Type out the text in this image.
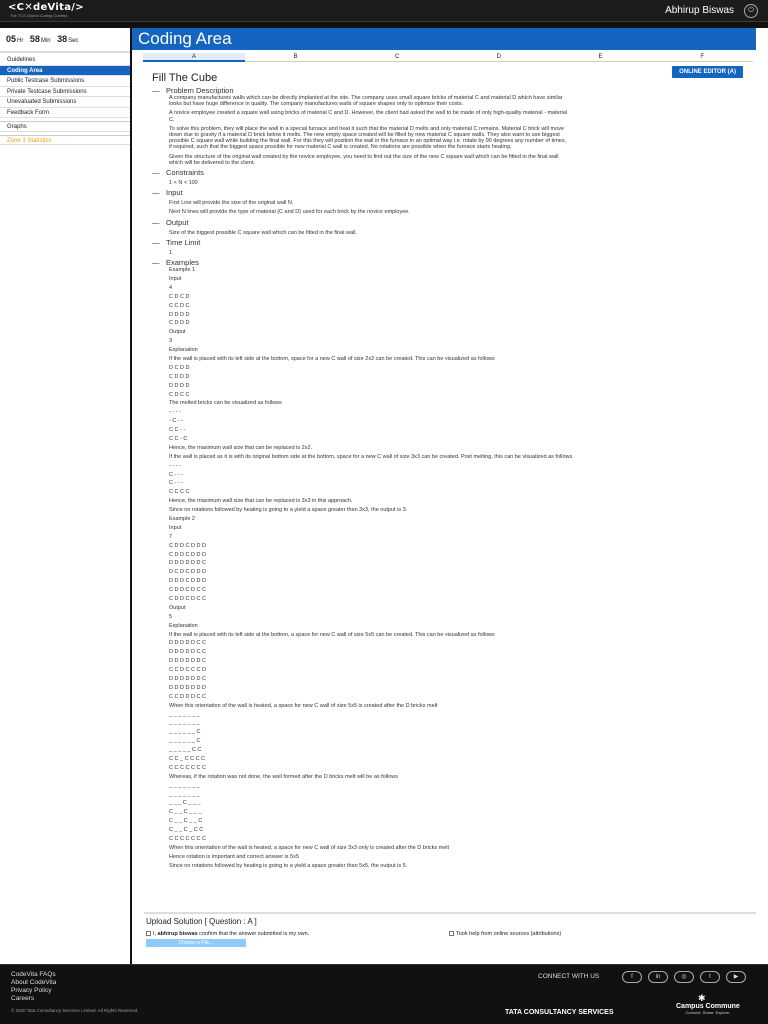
<C✕deVita/>
The TCS Global Coding Contest	Abhirup Biswas	⏻
05Hr 58Min 38Sec
Guidelines
Coding Area
Public Testcase Submissions
Private Testcase Submissions
Unevaluated Submissions
Feedback Form
Graphs
Zone 1 Statistics
Coding Area
A	B	C	D	E	F
ONLINE EDITOR (A)
Fill The Cube
— Problem Description
A company manufactures walls which can be directly implanted at the site. The company uses small square bricks of material C and material D which have similar
looks but have huge difference in quality. The company manufactures walls of square shapes only to optimize their costs.
A novice employee created a square wall using bricks of material C and D. However, the client had asked the wall to be made of only high-quality material - material
C.
To solve this problem, they will place the wall in a special furnace and heat it such that the material D melts and only material C remains. Material C brick will move
down due to gravity if a material D brick below it melts. The new empty space created will be filled by new material C square walls. They also want to use biggest
possible C square wall while building the final wall. For this they will position the wall in the furnace in an optimal way i.e. rotate by 90 degrees any number of times,
if required, such that the biggest space possible for new material C wall is created. No rotations are possible when the furnace starts heating.
Given the structure of the original wall created by the novice employee, you need to find out the size of the new C square wall which can be fitted in the final wall
which will be delivered to the client.
— Constraints
1 < N < 100
— Input
First Line will provide the size of the original wall N.
Next N lines will provide the type of material (C and D) used for each brick by the novice employee.
— Output
Size of the biggest possible C square wall which can be fitted in the final wall.
— Time Limit
1
— Examples
Example 1
Input
4
C D C D
C C D C
D D D D
C D D D
Output
3
Explanation
If the wall is placed with its left side at the bottom, space for a new C wall of size 2x2 can be created. This can be visualized as follows
D C D D
C D D D
D D D D
C D C C
The melted bricks can be visualized as follows
- - - -
- C - -
C C - -
C C - C
Hence, the maximum wall size that can be replaced is 2x2.
If the wall is placed as it is with its original bottom side at the bottom, space for a new C wall of size 3x3 can be created. Post melting, this can be visualized as follows.
- - - -
C - - -
C - - -
C C C C
Hence, the maximum wall size that can be replaced is 3x3 in this approach.
Since no rotations followed by heating is going to a yield a space greater than 3x3, the output is 3.
Example 2
Input
7
C D D C D D D
C D D C D D D
D D D D D D C
D C D C D D D
D D D C D D D
C D D C D C C
C D D C D C C
Output
5
Explanation
If the wall is placed with its left side at the bottom, a space for new C wall of size 5x5 can be created. This can be visualized as follows
D D D D D C C
D D D D D C C
D D D D D D C
C C D C C C D
D D D D D D C
D D D D D D D
C C D D D C C
When this orientation of the wall is heated, a space for new C wall of size 5x5 is created after the D bricks melt
_ _ _ _ _ _ _
_ _ _ _ _ _ _
_ _ _ _ _ _ C
_ _ _ _ _ _ C
_ _ _ _ _ C C
C C _ C C C C
C C C C C C C
Whereas, if the rotation was not done, the wall formed after the D bricks melt will be as follows
_ _ _ _ _ _ _
_ _ _ _ _ _ _
_ _ _ C _ _ _
C _ _ C _ _ _
C _ _ C _ _ C
C _ _ C _ C C
C C C C C C C
When this orientation of the wall is heated, a space for new C wall of size 3x3 only is created after the D bricks melt
Hence rotation is important and correct answer is 5x5
Since no rotations followed by heating is going to a yield a space greater than 5x5, the output is 5.
Upload Solution [ Question : A ]
I, abhirup biswas confirm that the answer submitted is my own.	Took help from online sources (attributions)
Choose a File...
CodeVita FAQs
About CodeVita
Privacy Policy
Careers
© 2020 Tata Consultancy Services Limited. All Rights Reserved.
CONNECT WITH US	f	in	◎	t	▶
TATA CONSULTANCY SERVICES
✱
Campus Commune
Connect. Share. Explore.
